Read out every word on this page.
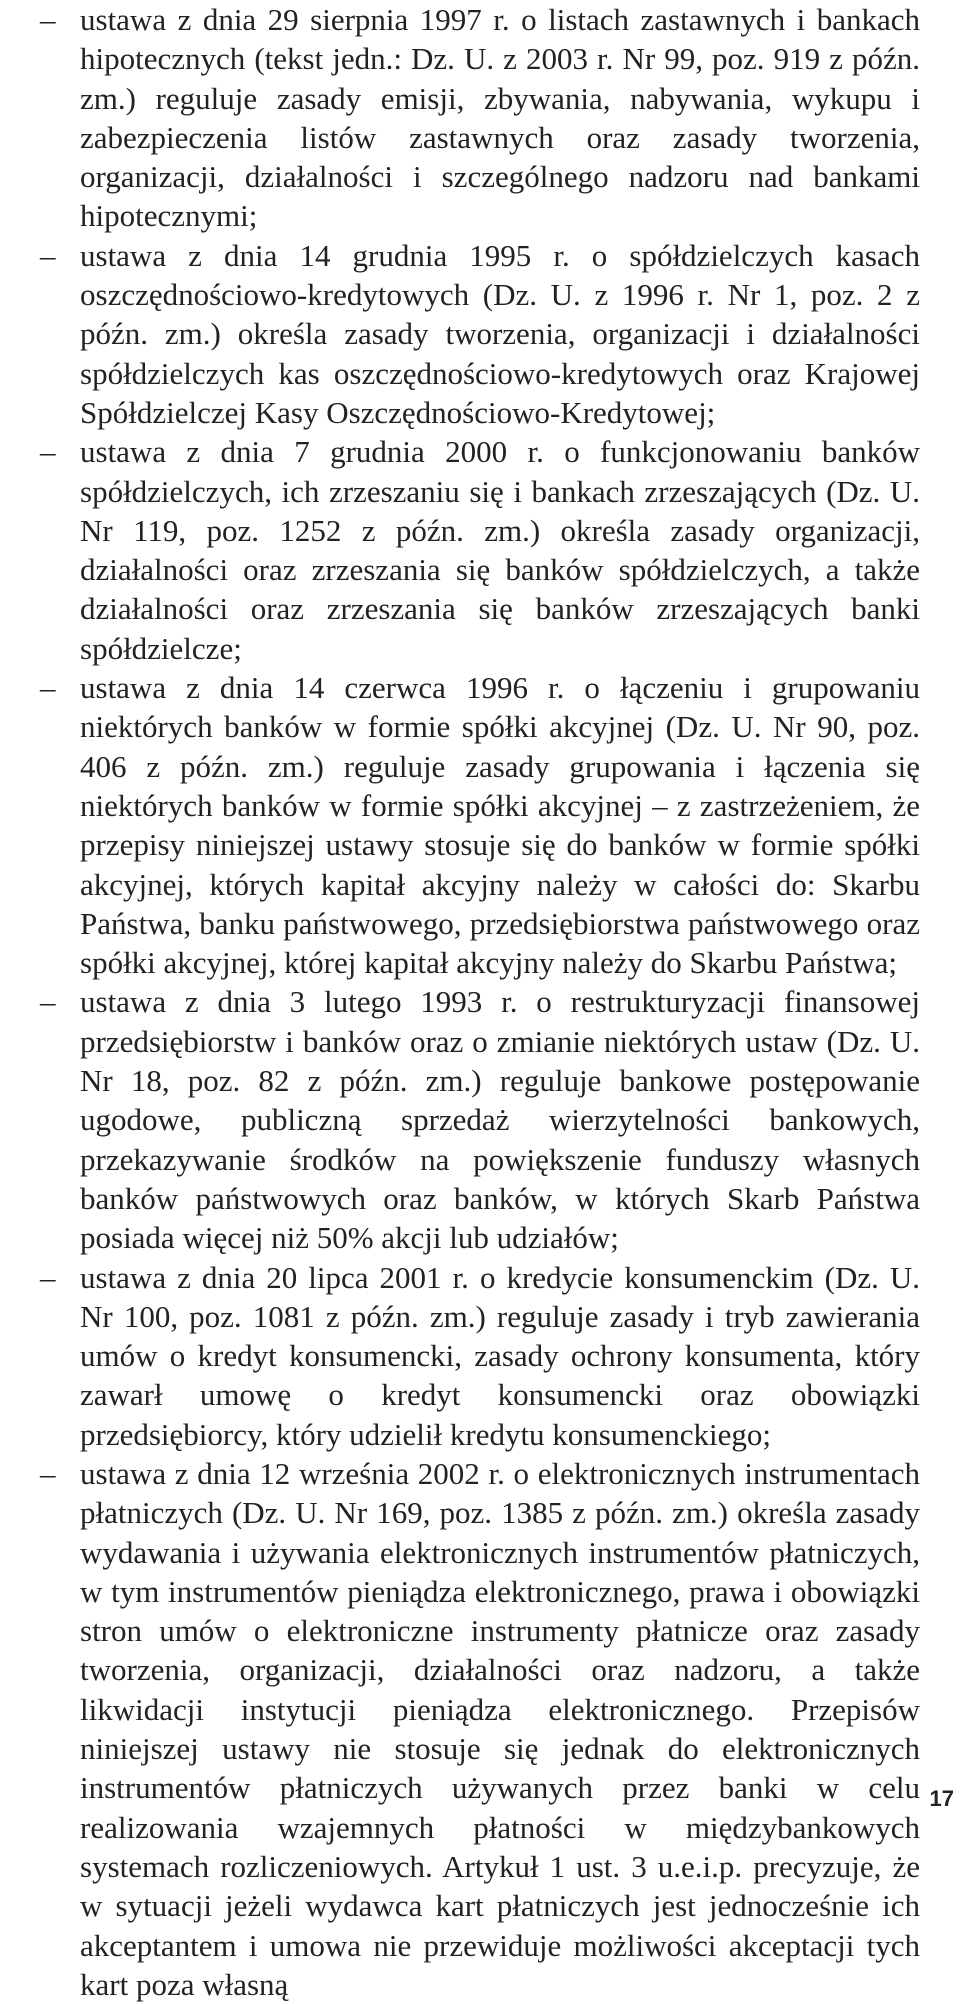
– ustawa z dnia 29 sierpnia 1997 r. o listach zastawnych i bankach hipotecznych (tekst jedn.: Dz. U. z 2003 r. Nr 99, poz. 919 z późn. zm.) reguluje zasady emisji, zbywania, nabywania, wykupu i zabezpieczenia listów zastawnych oraz zasady tworzenia, organizacji, działalności i szczególnego nadzoru nad bankami hipotecznymi;
– ustawa z dnia 14 grudnia 1995 r. o spółdzielczych kasach oszczędnościowo-kredytowych (Dz. U. z 1996 r. Nr 1, poz. 2 z późn. zm.) określa zasady tworzenia, organizacji i działalności spółdzielczych kas oszczędnościowo-kredytowych oraz Krajowej Spółdzielczej Kasy Oszczędnościowo-Kredytowej;
– ustawa z dnia 7 grudnia 2000 r. o funkcjonowaniu banków spółdzielczych, ich zrzeszaniu się i bankach zrzeszających (Dz. U. Nr 119, poz. 1252 z późn. zm.) określa zasady organizacji, działalności oraz zrzeszania się banków spółdzielczych, a także działalności oraz zrzeszania się banków zrzeszających banki spółdzielcze;
– ustawa z dnia 14 czerwca 1996 r. o łączeniu i grupowaniu niektórych banków w formie spółki akcyjnej (Dz. U. Nr 90, poz. 406 z późn. zm.) reguluje zasady grupowania i łączenia się niektórych banków w formie spółki akcyjnej – z zastrzeżeniem, że przepisy niniejszej ustawy stosuje się do banków w formie spółki akcyjnej, których kapitał akcyjny należy w całości do: Skarbu Państwa, banku państwowego, przedsiębiorstwa państwowego oraz spółki akcyjnej, której kapitał akcyjny należy do Skarbu Państwa;
– ustawa z dnia 3 lutego 1993 r. o restrukturyzacji finansowej przedsiębiorstw i banków oraz o zmianie niektórych ustaw (Dz. U. Nr 18, poz. 82 z późn. zm.) reguluje bankowe postępowanie ugodowe, publiczną sprzedaż wierzytelności bankowych, przekazywanie środków na powiększenie funduszy własnych banków państwowych oraz banków, w których Skarb Państwa posiada więcej niż 50% akcji lub udziałów;
– ustawa z dnia 20 lipca 2001 r. o kredycie konsumenckim (Dz. U. Nr 100, poz. 1081 z późn. zm.) reguluje zasady i tryb zawierania umów o kredyt konsumencki, zasady ochrony konsumenta, który zawarł umowę o kredyt konsumencki oraz obowiązki przedsiębiorcy, który udzielił kredytu konsumenckiego;
– ustawa z dnia 12 września 2002 r. o elektronicznych instrumentach płatniczych (Dz. U. Nr 169, poz. 1385 z późn. zm.) określa zasady wydawania i używania elektronicznych instrumentów płatniczych, w tym instrumentów pieniądza elektronicznego, prawa i obowiązki stron umów o elektroniczne instrumenty płatnicze oraz zasady tworzenia, organizacji, działalności oraz nadzoru, a także likwidacji instytucji pieniądza elektronicznego. Przepisów niniejszej ustawy nie stosuje się jednak do elektronicznych instrumentów płatniczych używanych przez banki w celu realizowania wzajemnych płatności w międzybankowych systemach rozliczeniowych. Artykuł 1 ust. 3 u.e.i.p. precyzuje, że w sytuacji jeżeli wydawca kart płatniczych jest jednocześnie ich akceptantem i umowa nie przewiduje możliwości akceptacji tych kart poza własną
17
